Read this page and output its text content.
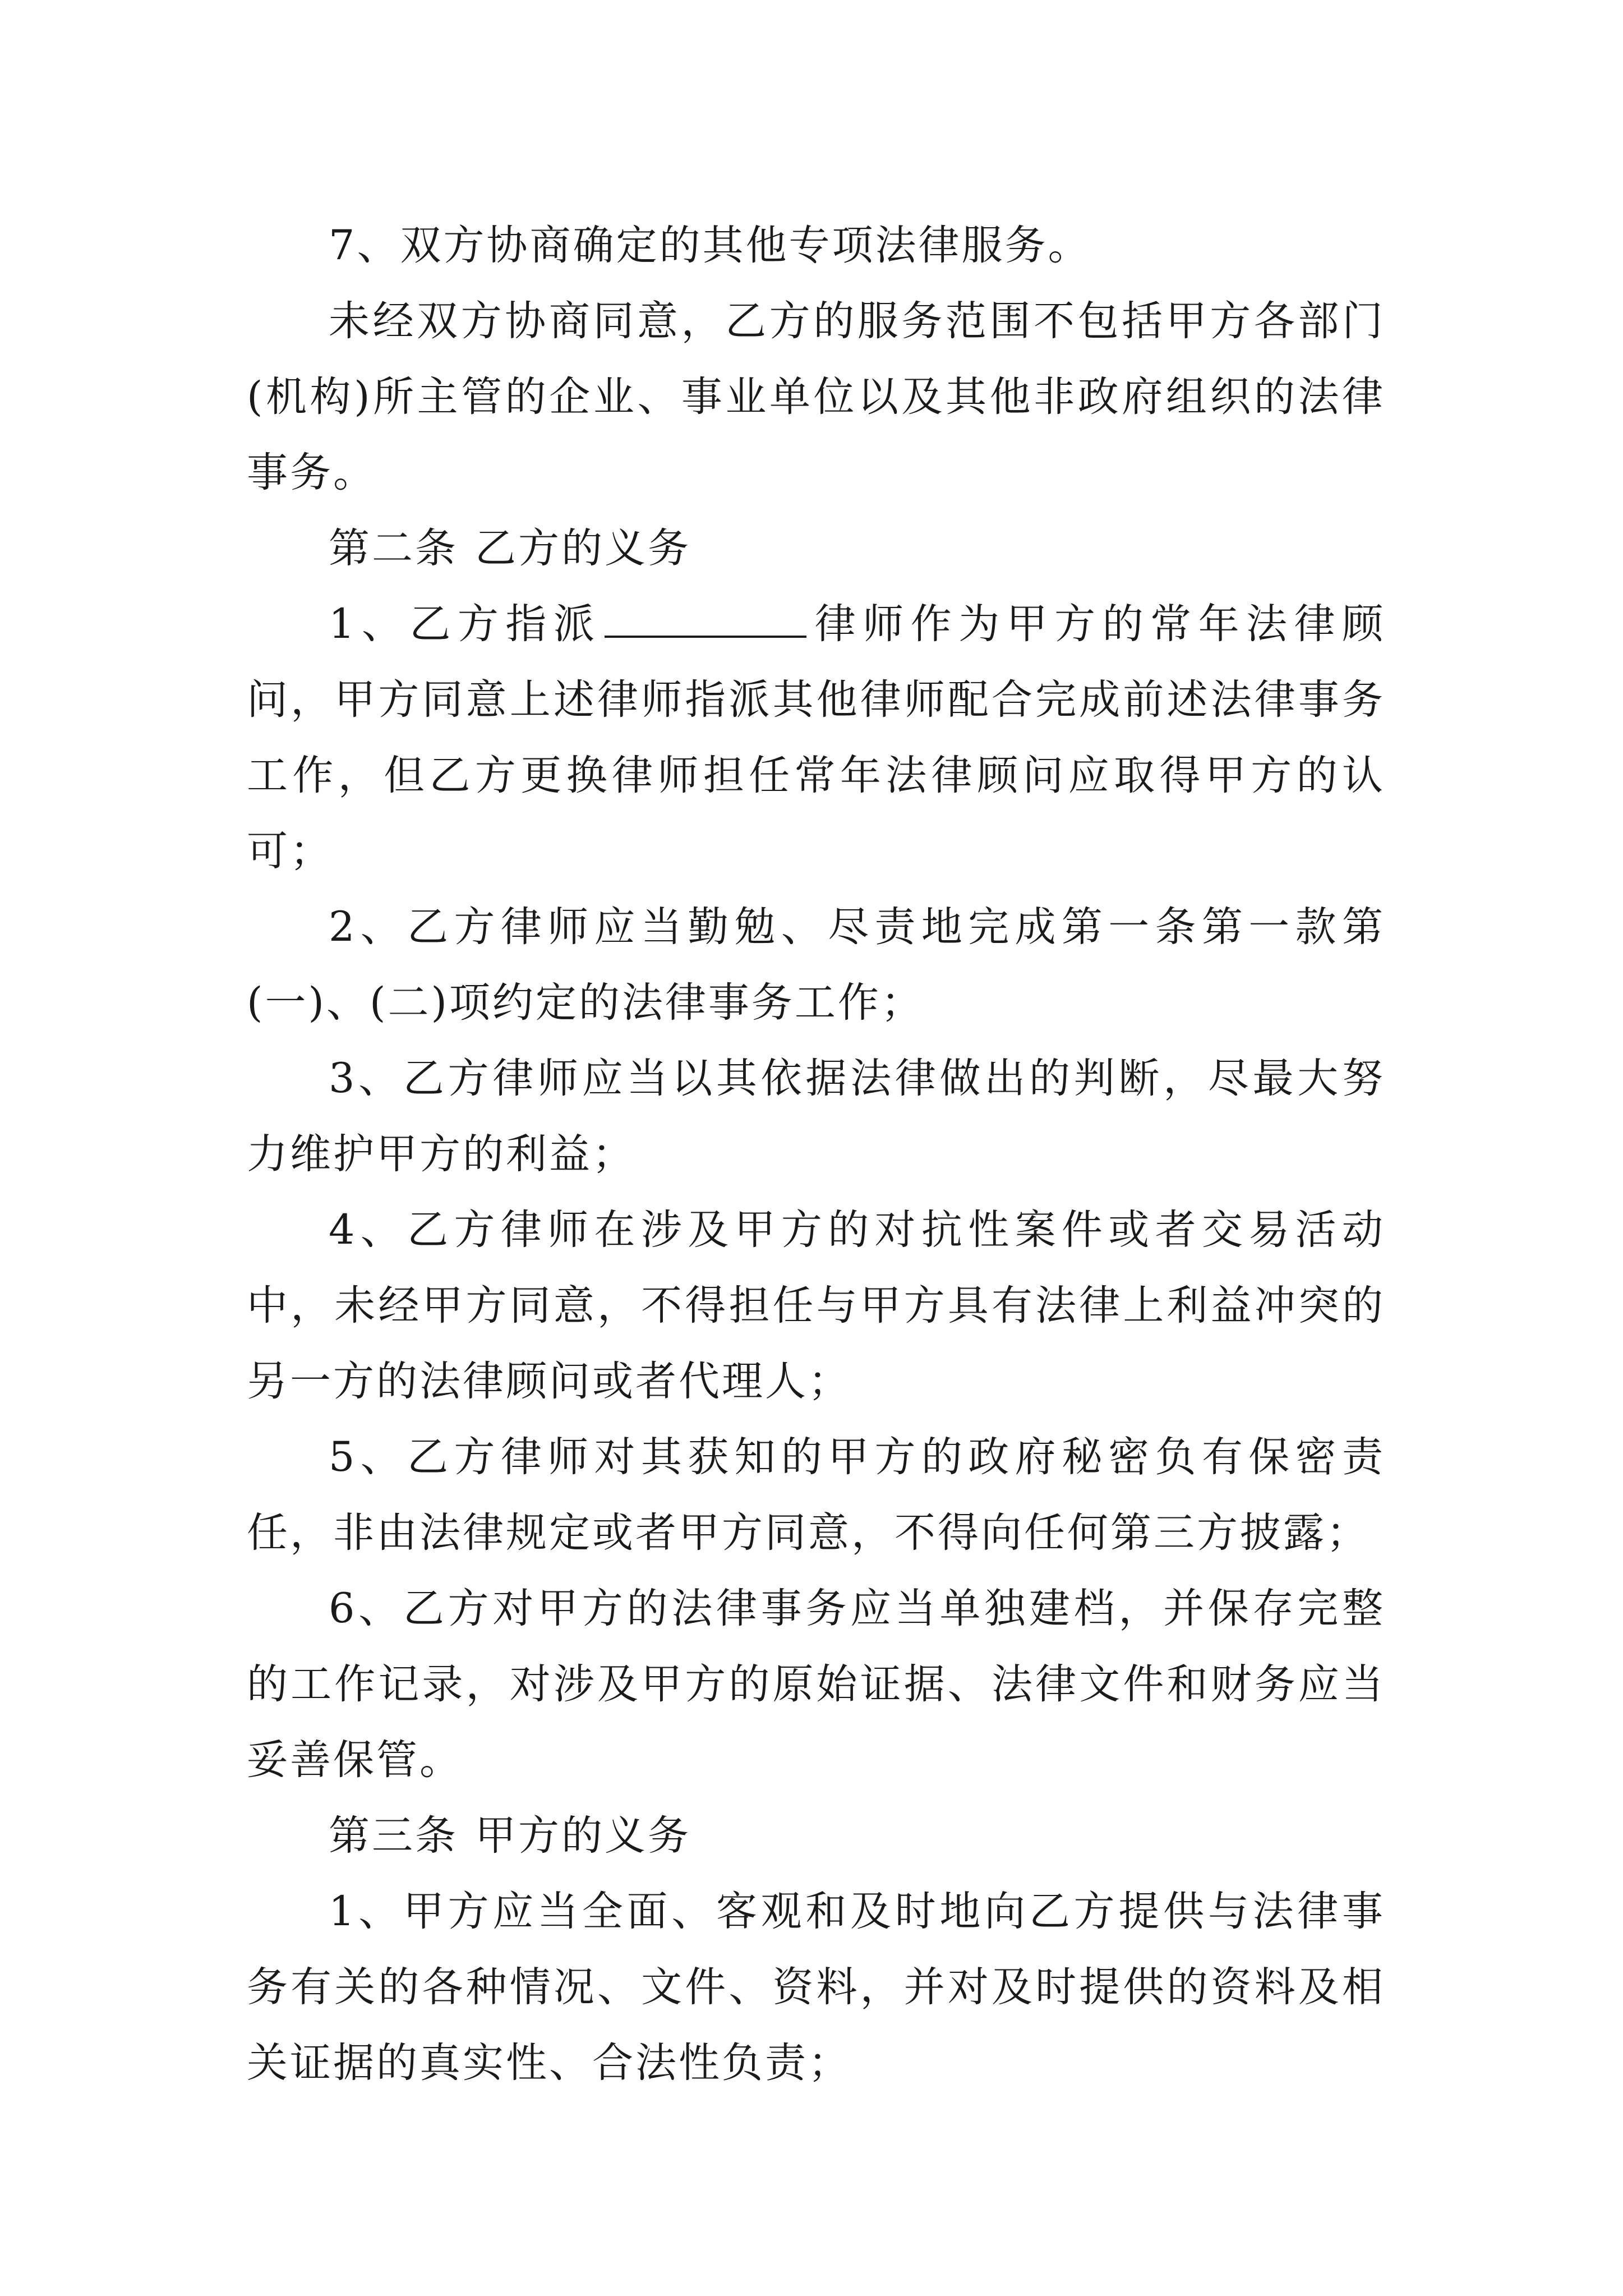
7、双方协商确定的其他专项法律服务。

未经双方协商同意，乙方的服务范围不包括甲方各部门(机构)所主管的企业、事业单位以及其他非政府组织的法律事务。

第二条 乙方的义务

1、乙方指派	律师作为甲方的常年法律顾问，甲方同意上述律师指派其他律师配合完成前述法律事务工作，但乙方更换律师担任常年法律顾问应取得甲方的认可；

2、乙方律师应当勤勉、尽责地完成第一条第一款第(一)、(二)项约定的法律事务工作；

3、乙方律师应当以其依据法律做出的判断，尽最大努力维护甲方的利益；

4、乙方律师在涉及甲方的对抗性案件或者交易活动中，未经甲方同意，不得担任与甲方具有法律上利益冲突的另一方的法律顾问或者代理人；

5、乙方律师对其获知的甲方的政府秘密负有保密责任，非由法律规定或者甲方同意，不得向任何第三方披露；

6、乙方对甲方的法律事务应当单独建档，并保存完整的工作记录，对涉及甲方的原始证据、法律文件和财务应当妥善保管。

第三条 甲方的义务

1、甲方应当全面、客观和及时地向乙方提供与法律事务有关的各种情况、文件、资料，并对及时提供的资料及相关证据的真实性、合法性负责；
